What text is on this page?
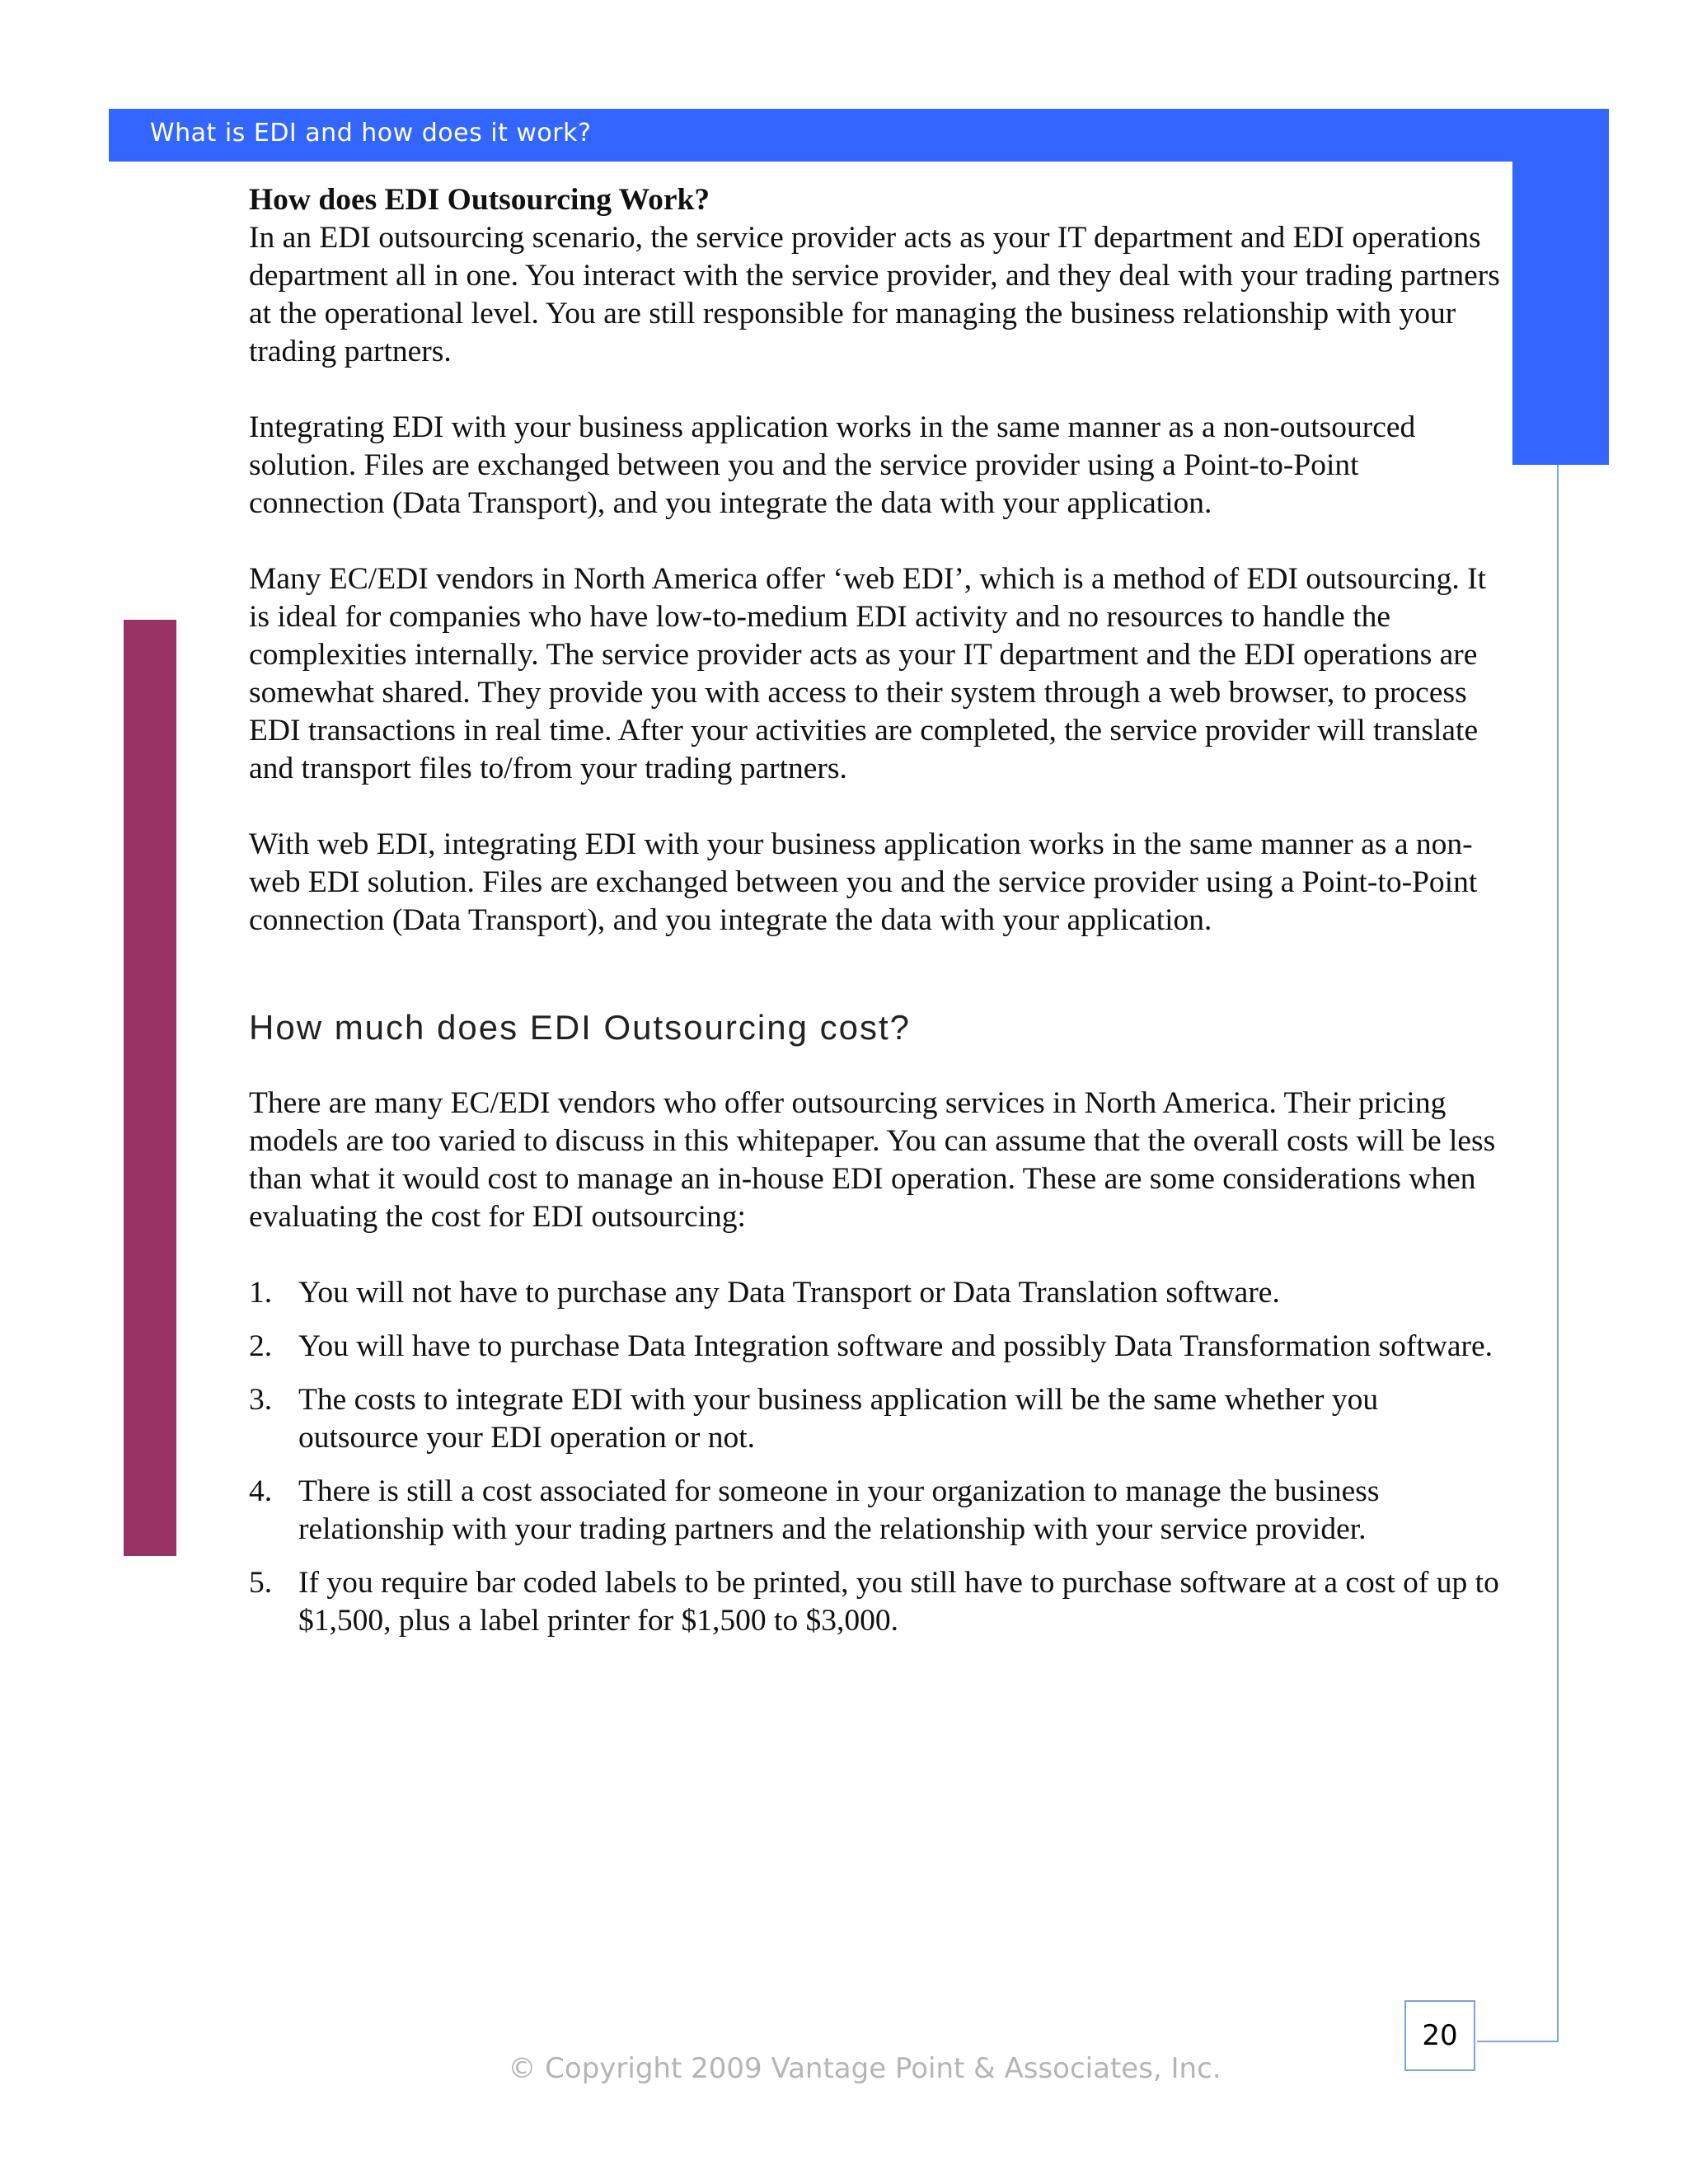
What is EDI and how does it work?

How does EDI Outsourcing Work?

In an EDI outsourcing scenario, the service provider acts as your IT department and EDI operations department all in one. You interact with the service provider, and they deal with your trading partners at the operational level. You are still responsible for managing the business relationship with your trading partners.

Integrating EDI with your business application works in the same manner as a non-outsourced solution. Files are exchanged between you and the service provider using a Point-to-Point connection (Data Transport), and you integrate the data with your application.

Many EC/EDI vendors in North America offer ‘web EDI’, which is a method of EDI outsourcing. It is ideal for companies who have low-to-medium EDI activity and no resources to handle the complexities internally. The service provider acts as your IT department and the EDI operations are somewhat shared. They provide you with access to their system through a web browser, to process EDI transactions in real time. After your activities are completed, the service provider will translate and transport files to/from your trading partners.

With web EDI, integrating EDI with your business application works in the same manner as a non-web EDI solution. Files are exchanged between you and the service provider using a Point-to-Point connection (Data Transport), and you integrate the data with your application.

How much does EDI Outsourcing cost?

There are many EC/EDI vendors who offer outsourcing services in North America. Their pricing models are too varied to discuss in this whitepaper. You can assume that the overall costs will be less than what it would cost to manage an in-house EDI operation. These are some considerations when evaluating the cost for EDI outsourcing:

1. You will not have to purchase any Data Transport or Data Translation software.
2. You will have to purchase Data Integration software and possibly Data Transformation software.
3. The costs to integrate EDI with your business application will be the same whether you outsource your EDI operation or not.
4. There is still a cost associated for someone in your organization to manage the business relationship with your trading partners and the relationship with your service provider.
5. If you require bar coded labels to be printed, you still have to purchase software at a cost of up to $1,500, plus a label printer for $1,500 to $3,000.
20
© Copyright 2009 Vantage Point & Associates, Inc.
